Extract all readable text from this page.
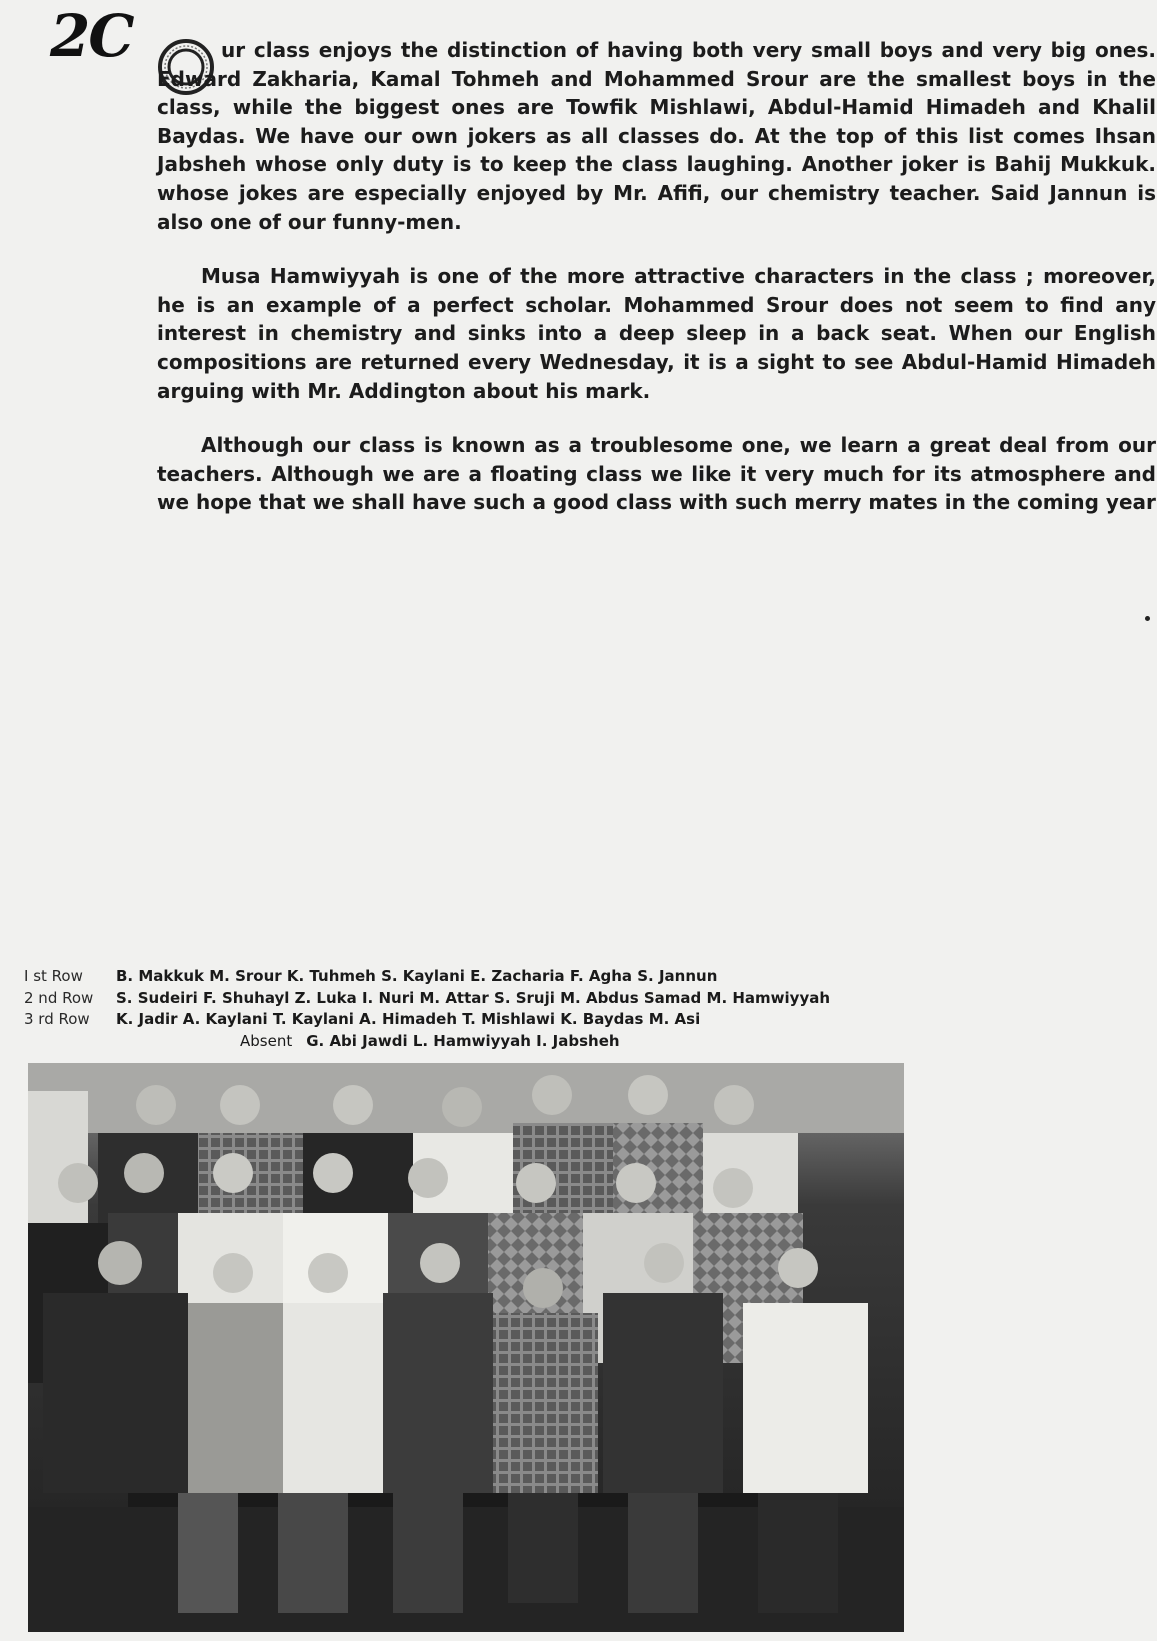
2C	ur class enjoys the distinction of having both very small boys and very big ones. Edward Zakharia, Kamal Tohmeh and Mohammed Srour are the smallest boys in the class, while the biggest ones are Towfik Mishlawi, Abdul-Hamid Himadeh and Khalil Baydas. We have our own jokers as all classes do. At the top of this list comes Ihsan Jabsheh whose only duty is to keep the class laughing. Another joker is Bahij Mukkuk. whose jokes are especially enjoyed by Mr. Afifi, our chemistry teacher. Said Jannun is also one of our funny-men.

Musa Hamwiyyah is one of the more attractive characters in the class ; moreover, he is an example of a perfect scholar. Mohammed Srour does not seem to find any interest in chemistry and sinks into a deep sleep in a back seat. When our English compositions are returned every Wednesday, it is a sight to see Abdul-Hamid Himadeh arguing with Mr. Addington about his mark.

Although our class is known as a troublesome one, we learn a great deal from our teachers. Although we are a floating class we like it very much for its atmosphere and we hope that we shall have such a good class with such merry mates in the coming year

I st Row B. Makkuk M. Srour K. Tuhmeh S. Kaylani E. Zacharia F. Agha S. Jannun
2 nd Row S. Sudeiri F. Shuhayl Z. Luka I. Nuri M. Attar S. Sruji M. Abdus Samad M. Hamwiyyah
3 rd Row K. Jadir A. Kaylani T. Kaylani A. Himadeh T. Mishlawi K. Baydas M. Asi
Absent G. Abi Jawdi L. Hamwiyyah I. Jabsheh
